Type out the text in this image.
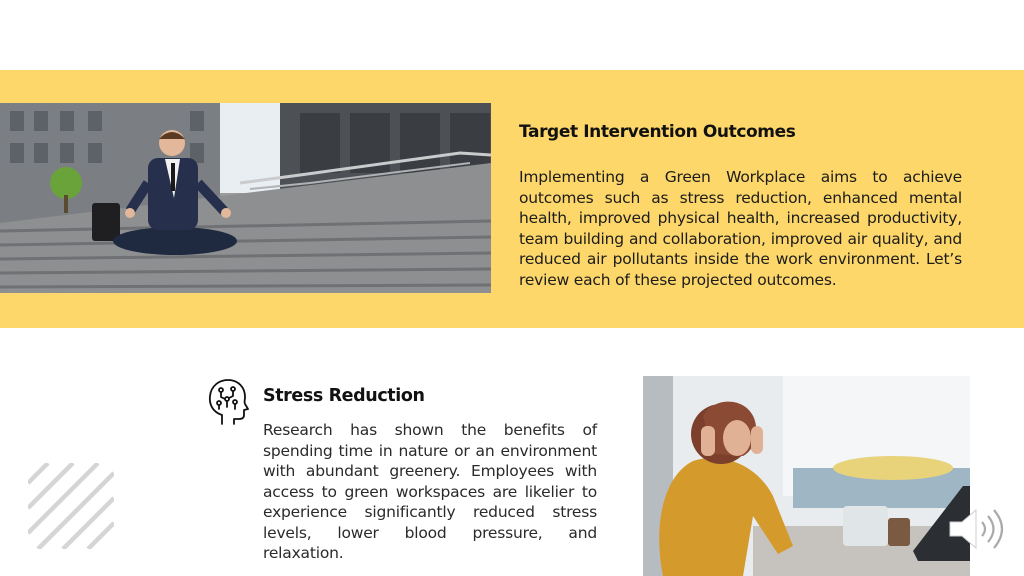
Target Intervention Outcomes
Implementing a Green Workplace aims to achieve outcomes such as stress reduction, enhanced mental health, improved physical health, increased productivity, team building and collaboration, improved air quality, and reduced air pollutants inside the work environment. Let’s review each of these projected outcomes.
Stress Reduction
Research has shown the benefits of spending time in nature or an environment with abundant greenery. Employees with access to green workspaces are likelier to experience significantly reduced stress levels, lower blood pressure, and relaxation.
